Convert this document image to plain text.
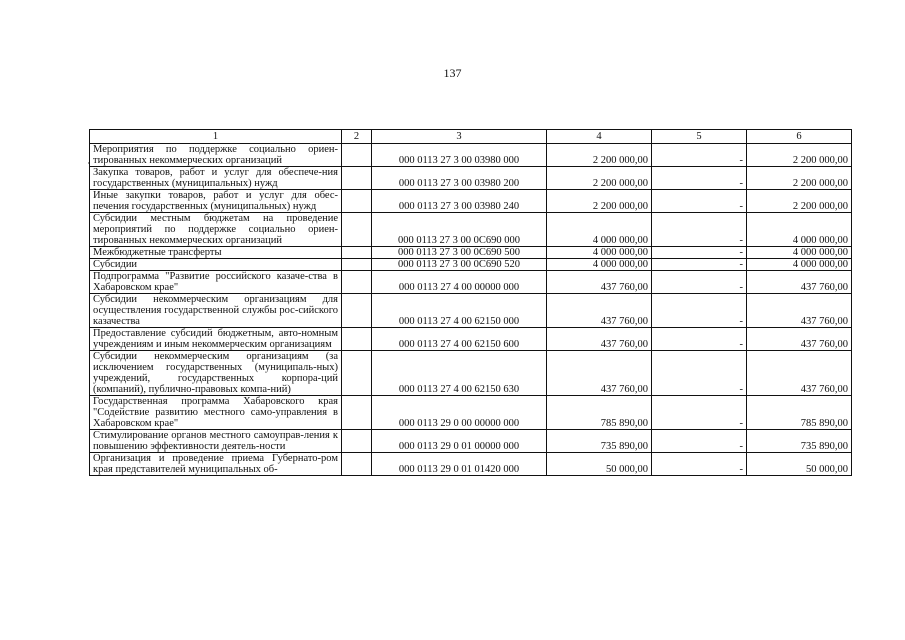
137
1	2	3	4	5	6
Мероприятия по поддержке социально ориен-тированных некоммерческих организаций		000 0113 27 3 00 03980 000	2 200 000,00	-	2 200 000,00
Закупка товаров, работ и услуг для обеспече-ния государственных (муниципальных) нужд		000 0113 27 3 00 03980 200	2 200 000,00	-	2 200 000,00
Иные закупки товаров, работ и услуг для обес-печения государственных (муниципальных) нужд		000 0113 27 3 00 03980 240	2 200 000,00	-	2 200 000,00
Субсидии местным бюджетам на проведение мероприятий по поддержке социально ориен-тированных некоммерческих организаций		000 0113 27 3 00 0С690 000	4 000 000,00	-	4 000 000,00
Межбюджетные трансферты		000 0113 27 3 00 0С690 500	4 000 000,00	-	4 000 000,00
Субсидии		000 0113 27 3 00 0С690 520	4 000 000,00	-	4 000 000,00
Подпрограмма "Развитие российского казаче-ства в Хабаровском крае"		000 0113 27 4 00 00000 000	437 760,00	-	437 760,00
Субсидии некоммерческим организациям для осуществления государственной службы рос-сийского казачества		000 0113 27 4 00 62150 000	437 760,00	-	437 760,00
Предоставление субсидий бюджетным, авто-номным учреждениям и иным некоммерческим организациям		000 0113 27 4 00 62150 600	437 760,00	-	437 760,00
Субсидии некоммерческим организациям (за исключением государственных (муниципаль-ных) учреждений, государственных корпора-ций (компаний), публично-правовых компа-ний)		000 0113 27 4 00 62150 630	437 760,00	-	437 760,00
Государственная программа Хабаровского края "Содействие развитию местного само-управления в Хабаровском крае"		000 0113 29 0 00 00000 000	785 890,00	-	785 890,00
Стимулирование органов местного самоуправ-ления к повышению эффективности деятель-ности		000 0113 29 0 01 00000 000	735 890,00	-	735 890,00
Организация и проведение приема Губернато-ром края представителей муниципальных об-		000 0113 29 0 01 01420 000	50 000,00	-	50 000,00
